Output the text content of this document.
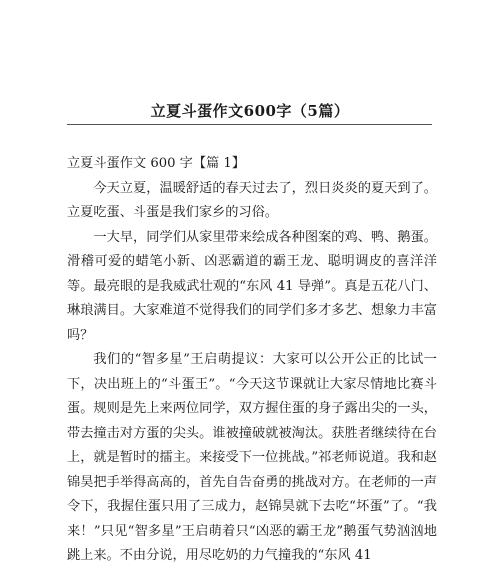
立夏斗蛋作文600字（5篇）
立夏斗蛋作文 600 字【篇 1】

今天立夏，温暖舒适的春天过去了，烈日炎炎的夏天到了。立夏吃蛋、斗蛋是我们家乡的习俗。

一大早，同学们从家里带来绘成各种图案的鸡、鸭、鹅蛋。滑稽可爱的蜡笔小新、凶恶霸道的霸王龙、聪明调皮的喜洋洋等。最亮眼的是我威武壮观的“东风 41 导弹”。真是五花八门、琳琅满目。大家难道不觉得我们的同学们多才多艺、想象力丰富吗？

我们的“智多星”王启萌提议：大家可以公开公正的比试一下，决出班上的“斗蛋王”。“今天这节课就让大家尽情地比赛斗蛋。规则是先上来两位同学，双方握住蛋的身子露出尖的一头，带去撞击对方蛋的尖头。谁被撞破就被淘汰。获胜者继续待在台上，就是暂时的擂主。来接受下一位挑战。”祁老师说道。我和赵锦昊把手举得高高的，首先自告奋勇的挑战对方。在老师的一声令下，我握住蛋只用了三成力，赵锦昊就下去吃“坏蛋”了。“我来！”只见“智多星”王启萌着只“凶恶的霸王龙”鹅蛋气势汹汹地跳上来。不由分说，用尽吃奶的力气撞我的“东风 41
